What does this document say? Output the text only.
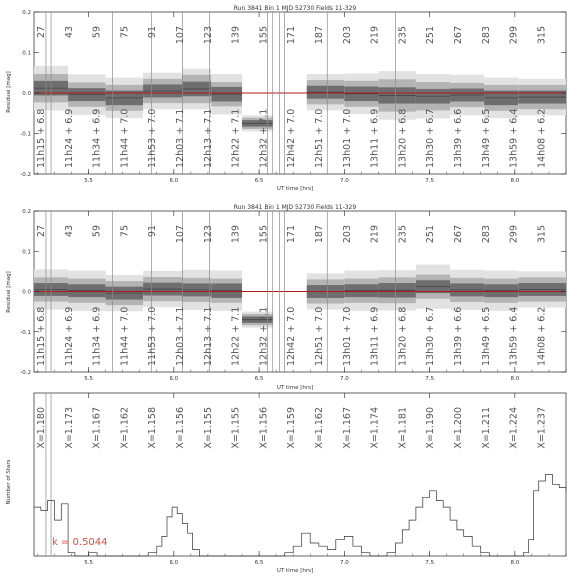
Run 3841 Bin 1 MJD 52730 Fields 11-329
UT time [hrs]
Residual [mag]
5.5	6.0	6.5	7.0	7.5	8.0
-0.2
-0.1
0.0
0.1
0.2
27
11h15 + 6.8
43
11h24 + 6.9
59
11h34 + 6.9
75
11h44 + 7.0
91
11h53 + 7.0
107
12h03 + 7.1
123
12h13 + 7.1
139
12h22 + 7.1
155
12h32 + 7.1
171
12h42 + 7.0
187
12h51 + 7.0
203
13h01 + 7.0
219
13h11 + 6.9
235
13h20 + 6.8
251
13h30 + 6.7
267
13h39 + 6.6
283
13h49 + 6.5
299
13h59 + 6.4
315
14h08 + 6.2
Run 3841 Bin 1 MJD 52730 Fields 11-329
UT time [hrs]
Residual [mag]
5.5	6.0	6.5	7.0	7.5	8.0
-0.2
-0.1
0.0
0.1
0.2
27
11h15 + 6.8
43
11h24 + 6.9
59
11h34 + 6.9
75
11h44 + 7.0
91
11h53 + 7.0
107
12h03 + 7.1
123
12h13 + 7.1
139
12h22 + 7.1
155
12h32 + 7.1
171
12h42 + 7.0
187
12h51 + 7.0
203
13h01 + 7.0
219
13h11 + 6.9
235
13h20 + 6.8
251
13h30 + 6.7
267
13h39 + 6.6
283
13h49 + 6.5
299
13h59 + 6.4
315
14h08 + 6.2
UT time [hrs]
Number of Stars
5.5	6.0	6.5	7.0	7.5	8.0
X=1.180 X=1.173 X=1.167 X=1.162 X=1.158 X=1.156 X=1.155 X=1.155 X=1.156 X=1.159 X=1.162 X=1.167 X=1.174 X=1.181 X=1.190 X=1.200 X=1.211 X=1.224 X=1.237
k = 0.5044
